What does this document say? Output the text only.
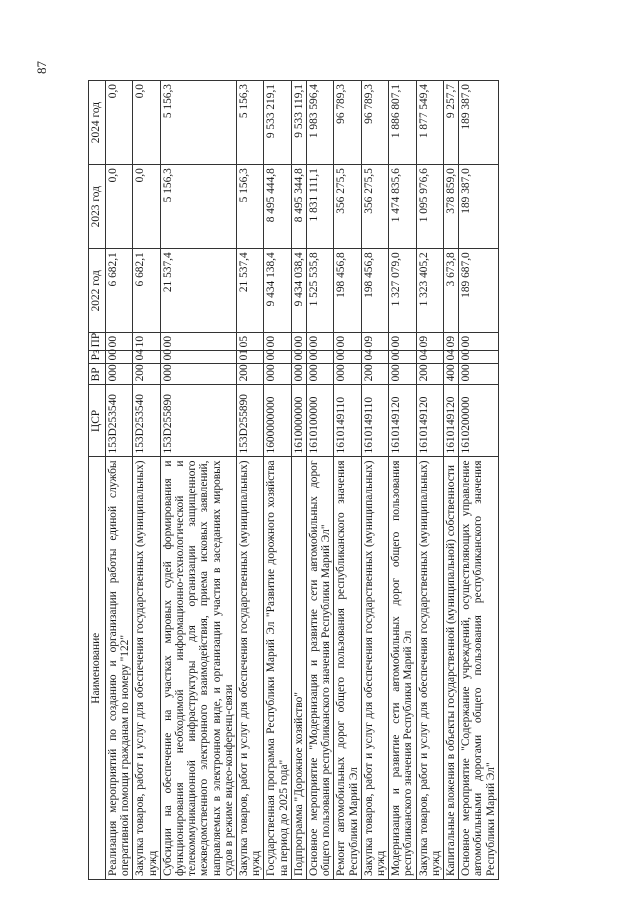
87
Наименование	ЦСР	ВР	Рз	ПР	2022 год	2023 год	2024 год
Реализация мероприятий по созданию и организации работы единой службы оперативной помощи гражданам по номеру "122"	153D253540	000	00	00	6 682,1	0,0	0,0
Закупка товаров, работ и услуг для обеспечения государственных (муниципальных) нужд	153D253540	200	04	10	6 682,1	0,0	0,0
Субсидии на обеспечение на участках мировых судей формирования и функционирования необходимой информационно-технологической и телекоммуникационной инфраструктуры для организации защищенного межведомственного электронного взаимодействия, приема исковых заявлений, направляемых в электронном виде, и организации участия в заседаниях мировых судов в режиме видео-конференц-связи	153D255890	000	00	00	21 537,4	5 156,3	5 156,3
Закупка товаров, работ и услуг для обеспечения государственных (муниципальных) нужд	153D255890	200	01	05	21 537,4	5 156,3	5 156,3
Государственная программа Республики Марий Эл "Развитие дорожного хозяйства на период до 2025 года"	1600000000	000	00	00	9 434 138,4	8 495 444,8	9 533 219,1
Подпрограмма "Дорожное хозяйство"	1610000000	000	00	00	9 434 038,4	8 495 344,8	9 533 119,1
Основное мероприятие "Модернизация и развитие сети автомобильных дорог общего пользования республиканского значения Республики Марий Эл"	1610100000	000	00	00	1 525 535,8	1 831 111,1	1 983 596,4
Ремонт автомобильных дорог общего пользования республиканского значения Республики Марий Эл	1610149110	000	00	00	198 456,8	356 275,5	96 789,3
Закупка товаров, работ и услуг для обеспечения государственных (муниципальных) нужд	1610149110	200	04	09	198 456,8	356 275,5	96 789,3
Модернизация и развитие сети автомобильных дорог общего пользования республиканского значения Республики Марий Эл	1610149120	000	00	00	1 327 079,0	1 474 835,6	1 886 807,1
Закупка товаров, работ и услуг для обеспечения государственных (муниципальных) нужд	1610149120	200	04	09	1 323 405,2	1 095 976,6	1 877 549,4
Капитальные вложения в объекты государственной (муниципальной) собственности	1610149120	400	04	09	3 673,8	378 859,0	9 257,7
Основное мероприятие "Содержание учреждений, осуществляющих управление автомобильными дорогами общего пользования республиканского значения Республики Марий Эл"	1610200000	000	00	00	189 687,0	189 387,0	189 387,0
